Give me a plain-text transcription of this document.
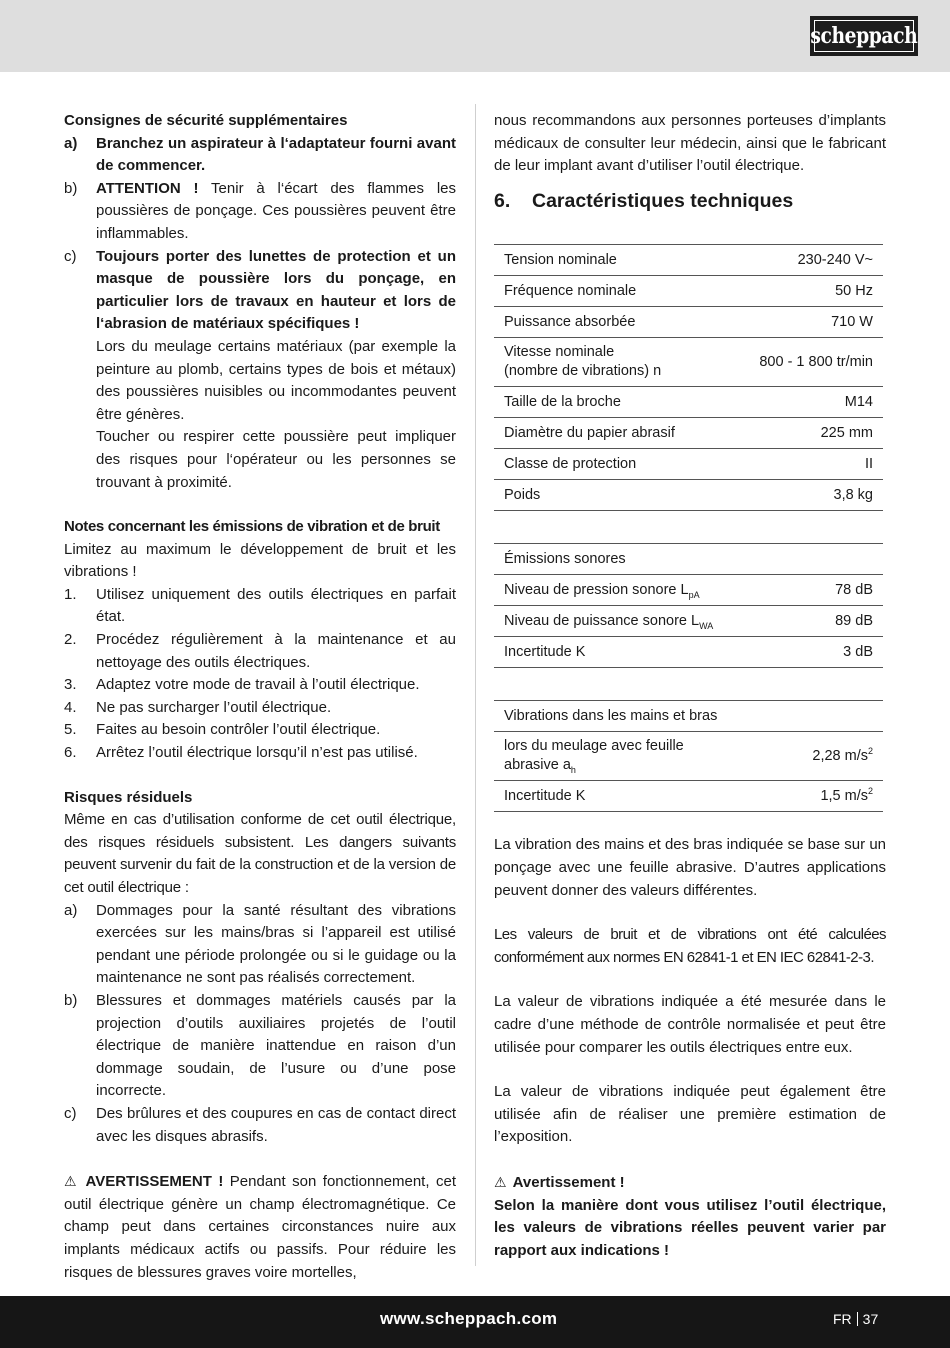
scheppach
Consignes de sécurité supplémentaires
a)	Branchez un aspirateur à l‘adaptateur fourni avant de commencer.
b)	ATTENTION ! Tenir à l‘écart des flammes les poussières de ponçage. Ces poussières peuvent être inflammables.
c)	Toujours porter des lunettes de protection et un masque de poussière lors du ponçage, en particulier lors de travaux en hauteur et lors de l‘abrasion de matériaux spécifiques !

Lors du meulage certains matériaux (par exemple la peinture au plomb, certains types de bois et métaux) des poussières nuisibles ou incommodantes peuvent être génères.

Toucher ou respirer cette poussière peut impliquer des risques pour l‘opérateur ou les personnes se trouvant à proximité.

Notes concernant les émissions de vibration et de bruit

Limitez au maximum le développement de bruit et les vibrations !

1.	Utilisez uniquement des outils électriques en parfait état.
2.	Procédez régulièrement à la maintenance et au nettoyage des outils électriques.
3.	Adaptez votre mode de travail à l’outil électrique.
4.	Ne pas surcharger l’outil électrique.
5.	Faites au besoin contrôler l’outil électrique.
6.	Arrêtez l’outil électrique lorsqu’il n’est pas utilisé.
Risques résiduels

Même en cas d’utilisation conforme de cet outil électrique, des risques résiduels subsistent. Les dangers suivants peuvent survenir du fait de la construction et de la version de cet outil électrique :

a)	Dommages pour la santé résultant des vibrations exercées sur les mains/bras si l’appareil est utilisé pendant une période prolongée ou si le guidage ou la maintenance ne sont pas réalisés correctement.
b)	Blessures et dommages matériels causés par la projection d’outils auxiliaires projetés de l’outil électrique de manière inattendue en raison d’un dommage soudain, de l’usure ou d’une pose incorrecte.
c)	Des brûlures et des coupures en cas de contact direct avec les disques abrasifs.

⚠ AVERTISSEMENT ! Pendant son fonctionnement, cet outil électrique génère un champ électromagnétique. Ce champ peut dans certaines circonstances nuire aux implants médicaux actifs ou passifs. Pour réduire les risques de blessures graves voire mortelles,

nous recommandons aux personnes porteuses d’implants médicaux de consulter leur médecin, ainsi que le fabricant de leur implant avant d’utiliser l’outil électrique.

6.	Caractéristiques techniques
Tension nominale	230-240 V~
Fréquence nominale	50 Hz
Puissance absorbée	710 W
Vitesse nominale
(nombre de vibrations) n	800 - 1 800 tr/min
Taille de la broche	M14
Diamètre du papier abrasif	225 mm
Classe de protection	II
Poids	3,8 kg
Émissions sonores	
Niveau de pression sonore $L_{pA}$	78 dB
Niveau de puissance sonore $L_{WA}$	89 dB
Incertitude K	3 dB
Vibrations dans les mains et bras	
lors du meulage avec feuille
abrasive $a_h$	2,28 $m/s^2$
Incertitude K	1,5 $m/s^2$

La vibration des mains et des bras indiquée se base sur un ponçage avec une feuille abrasive. D’autres applications peuvent donner des valeurs différentes.

Les valeurs de bruit et de vibrations ont été calculées conformément aux normes EN 62841-1 et EN IEC 62841-2-3.

La valeur de vibrations indiquée a été mesurée dans le cadre d’une méthode de contrôle normalisée et peut être utilisée pour comparer les outils électriques entre eux.

La valeur de vibrations indiquée peut également être utilisée afin de réaliser une première estimation de l’exposition.

⚠ Avertissement !

Selon la manière dont vous utilisez l’outil électrique, les valeurs de vibrations réelles peuvent varier par rapport aux indications !

www.scheppach.com	FR 37
